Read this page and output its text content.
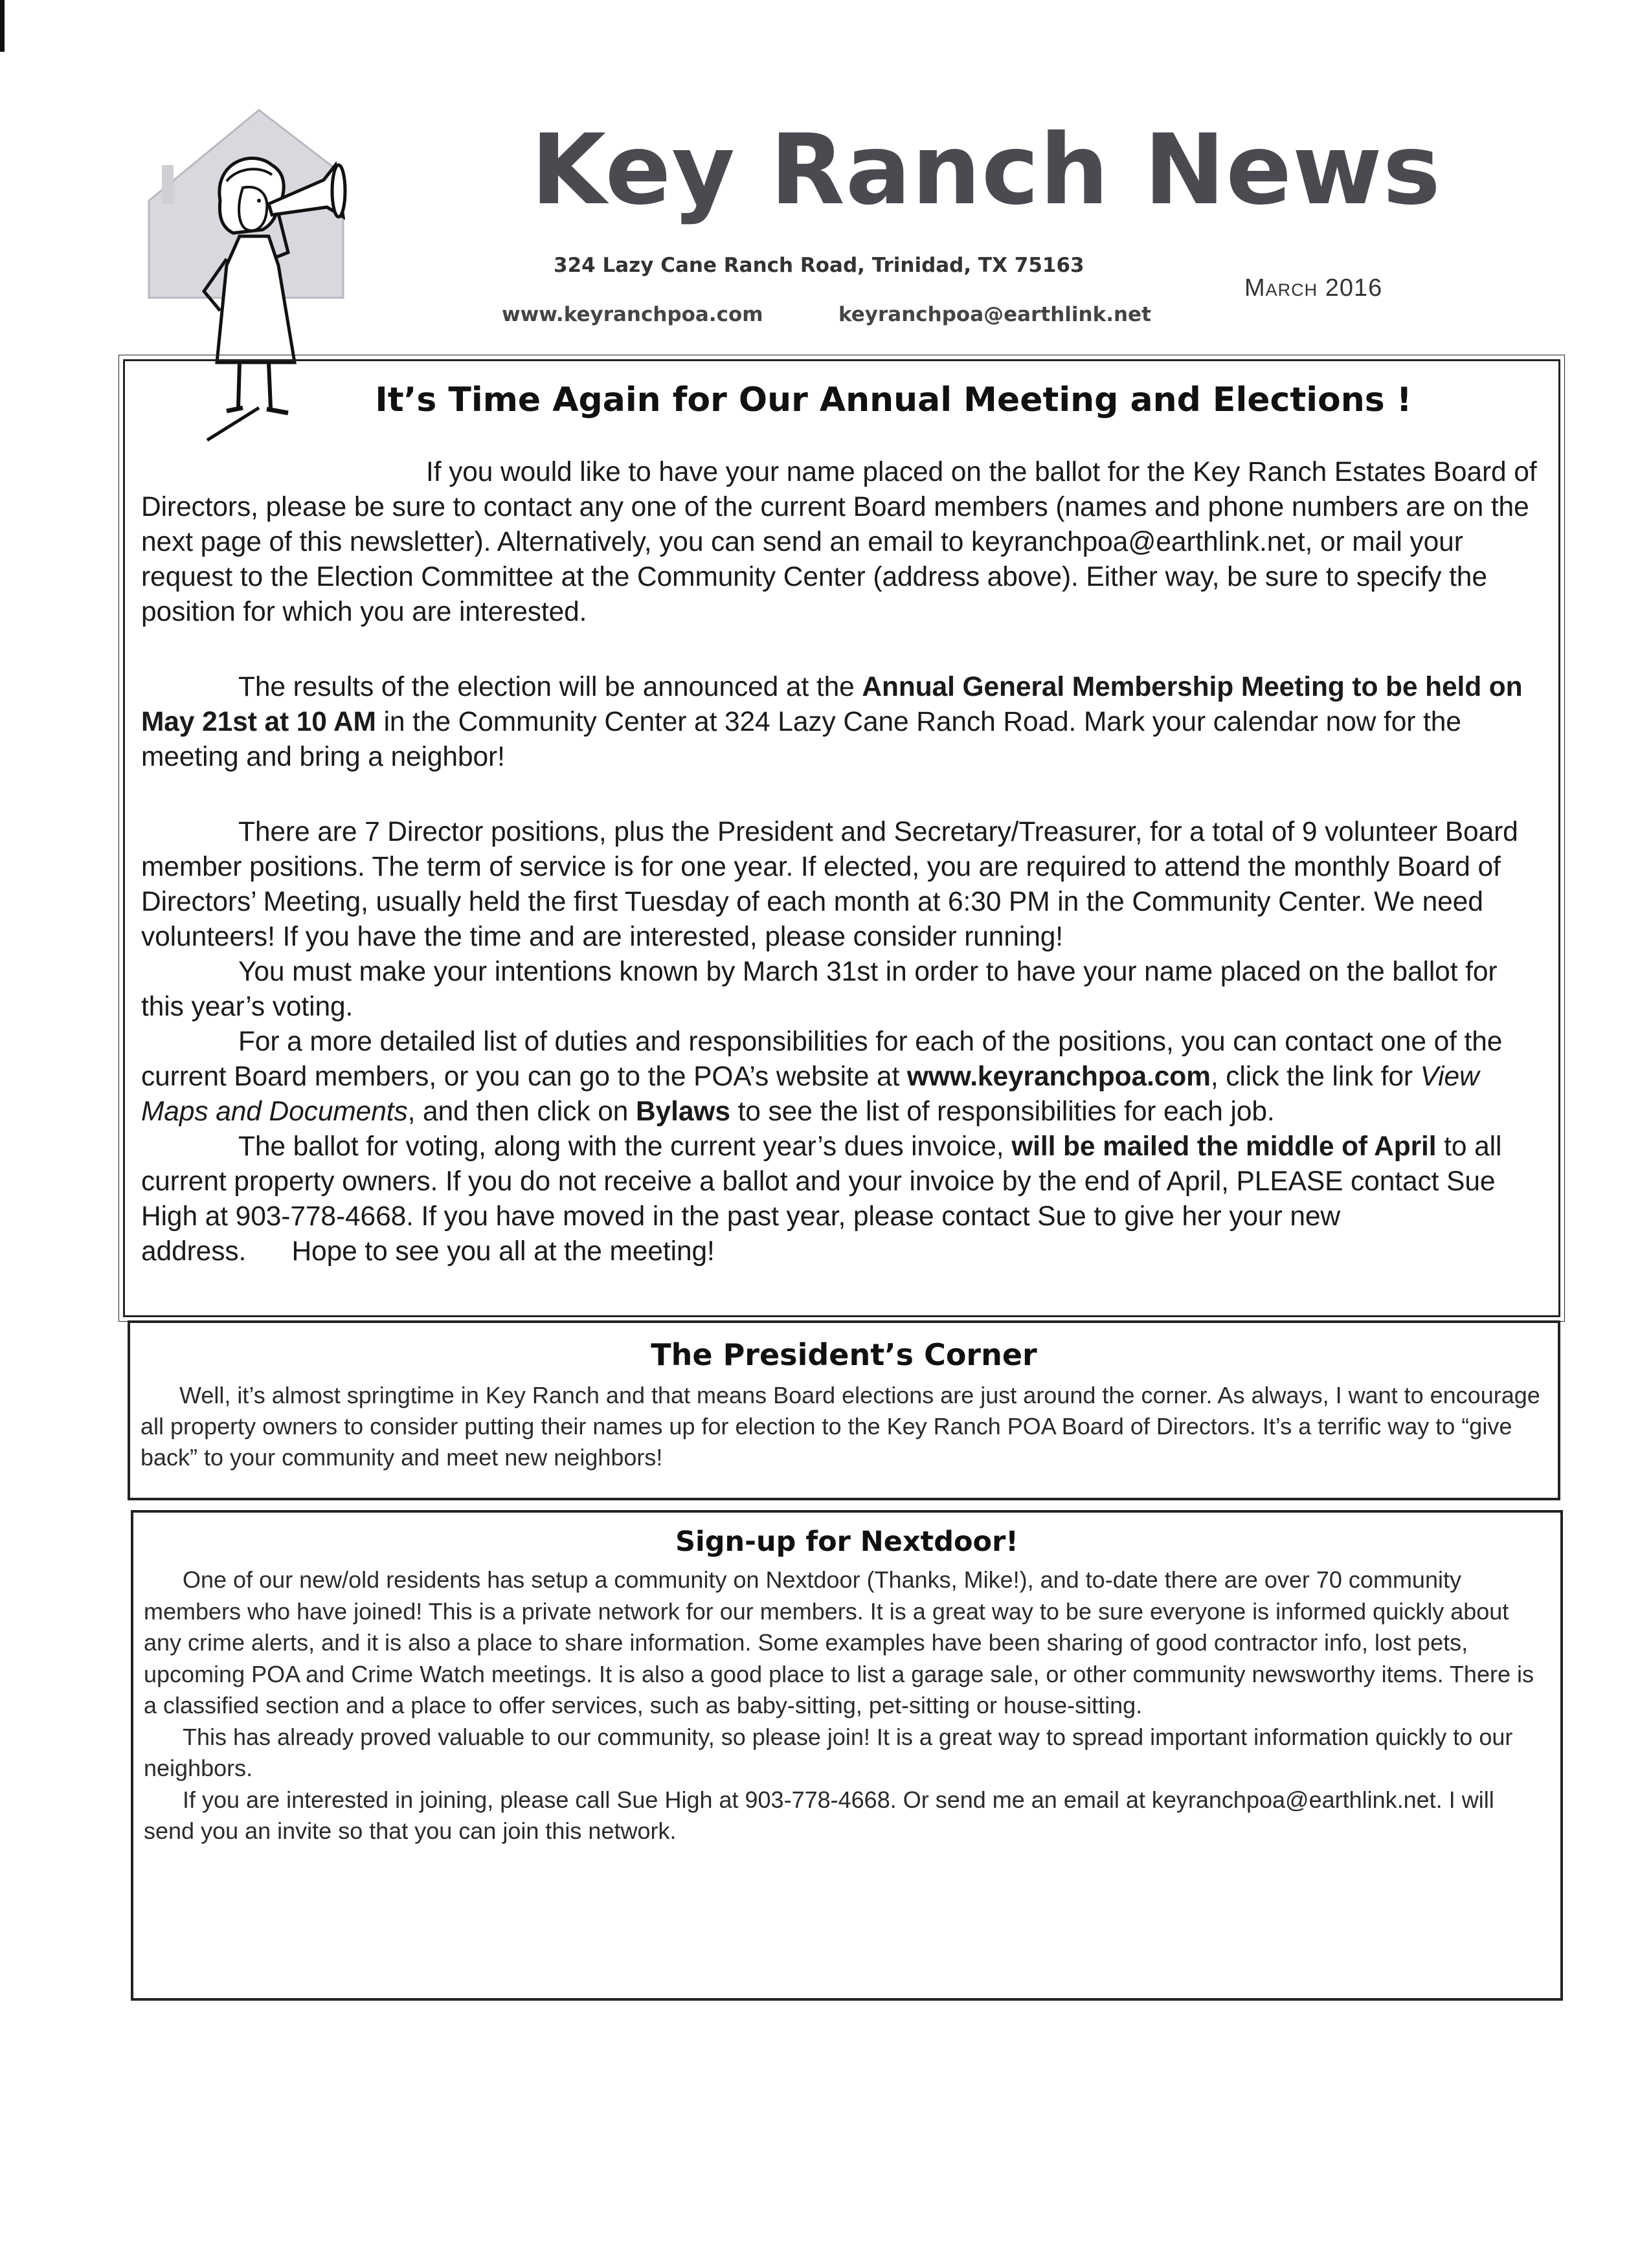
Key Ranch News
324 Lazy Cane Ranch Road, Trinidad, TX 75163
www.keyranchpoa.com	keyranchpoa@earthlink.net
March 2016
It’s Time Again for Our Annual Meeting and Elections !

If you would like to have your name placed on the ballot for the Key Ranch Estates Board of Directors, please be sure to contact any one of the current Board members (names and phone numbers are on the next page of this newsletter). Alternatively, you can send an email to keyranchpoa@earthlink.net, or mail your request to the Election Committee at the Community Center (address above). Either way, be sure to specify the position for which you are interested.

The results of the election will be announced at the Annual General Membership Meeting to be held on May 21st at 10 AM in the Community Center at 324 Lazy Cane Ranch Road. Mark your calendar now for the meeting and bring a neighbor!

There are 7 Director positions, plus the President and Secretary/Treasurer, for a total of 9 volunteer Board member positions. The term of service is for one year. If elected, you are required to attend the monthly Board of Directors’ Meeting, usually held the first Tuesday of each month at 6:30 PM in the Community Center. We need volunteers! If you have the time and are interested, please consider running!

You must make your intentions known by March 31st in order to have your name placed on the ballot for this year’s voting.

For a more detailed list of duties and responsibilities for each of the positions, you can contact one of the current Board members, or you can go to the POA’s website at www.keyranchpoa.com, click the link for View Maps and Documents, and then click on Bylaws to see the list of responsibilities for each job.

The ballot for voting, along with the current year’s dues invoice, will be mailed the middle of April to all current property owners. If you do not receive a ballot and your invoice by the end of April, PLEASE contact Sue High at 903-778-4668. If you have moved in the past year, please contact Sue to give her your new address.      Hope to see you all at the meeting!

The President’s Corner

Well, it’s almost springtime in Key Ranch and that means Board elections are just around the corner. As always, I want to encourage all property owners to consider putting their names up for election to the Key Ranch POA Board of Directors. It’s a terrific way to “give back” to your community and meet new neighbors!

Sign-up for Nextdoor!

One of our new/old residents has setup a community on Nextdoor (Thanks, Mike!), and to-date there are over 70 community members who have joined! This is a private network for our members. It is a great way to be sure everyone is informed quickly about any crime alerts, and it is also a place to share information. Some examples have been sharing of good contractor info, lost pets, upcoming POA and Crime Watch meetings. It is also a good place to list a garage sale, or other community newsworthy items. There is a classified section and a place to offer services, such as baby-sitting, pet-sitting or house-sitting.

This has already proved valuable to our community, so please join! It is a great way to spread important information quickly to our neighbors.

If you are interested in joining, please call Sue High at 903-778-4668. Or send me an email at keyranchpoa@earthlink.net. I will send you an invite so that you can join this network.
